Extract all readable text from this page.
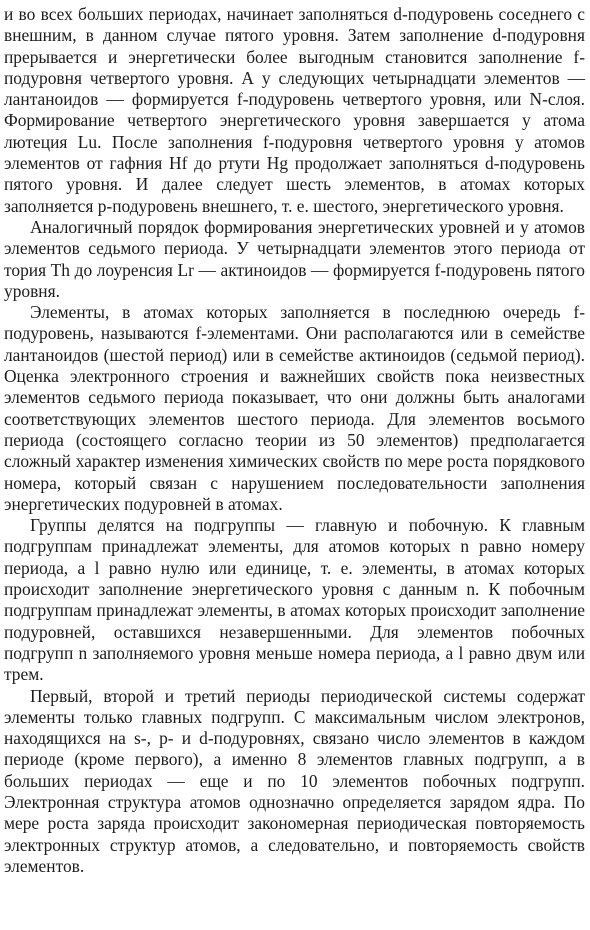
и во всех больших периодах, начинает заполняться d-подуровень соседнего с внешним, в данном случае пятого уровня. Затем заполнение d-подуровня прерывается и энергетически более выгодным становится заполнение f-подуровня четвертого уровня. А у следующих четырнадцати элементов — лантаноидов — формируется f-подуровень четвертого уровня, или N-слоя. Формирование четвертого энергетического уровня завершается у атома лютеция Lu. После заполнения f-подуровня четвертого уровня у атомов элементов от гафния Hf до ртути Hg продолжает заполняться d-подуровень пятого уровня. И далее следует шесть элементов, в атомах которых заполняется p-подуровень внешнего, т. е. шестого, энергетического уровня.

Аналогичный порядок формирования энергетических уровней и у атомов элементов седьмого периода. У четырнадцати элементов этого периода от тория Th до лоуренсия Lr — актиноидов — формируется f-подуровень пятого уровня.

Элементы, в атомах которых заполняется в последнюю очередь f-подуровень, называются f-элементами. Они располагаются или в семействе лантаноидов (шестой период) или в семействе актиноидов (седьмой период). Оценка электронного строения и важнейших свойств пока неизвестных элементов седьмого периода показывает, что они должны быть аналогами соответствующих элементов шестого периода. Для элементов восьмого периода (состоящего согласно теории из 50 элементов) предполагается сложный характер изменения химических свойств по мере роста порядкового номера, который связан с нарушением последовательности заполнения энергетических подуровней в атомах.

Группы делятся на подгруппы — главную и побочную. К главным подгруппам принадлежат элементы, для атомов которых n равно номеру периода, а l равно нулю или единице, т. е. элементы, в атомах которых происходит заполнение энергетического уровня с данным n. К побочным подгруппам принадлежат элементы, в атомах которых происходит заполнение подуровней, оставшихся незавершенными. Для элементов побочных подгрупп n заполняемого уровня меньше номера периода, а l равно двум или трем.

Первый, второй и третий периоды периодической системы содержат элементы только главных подгрупп. С максимальным числом электронов, находящихся на s-, p- и d-подуровнях, связано число элементов в каждом периоде (кроме первого), а именно 8 элементов главных подгрупп, а в больших периодах — еще и по 10 элементов побочных подгрупп. Электронная структура атомов однозначно определяется зарядом ядра. По мере роста заряда происходит закономерная периодическая повторяемость электронных структур атомов, а следовательно, и повторяемость свойств элементов.
